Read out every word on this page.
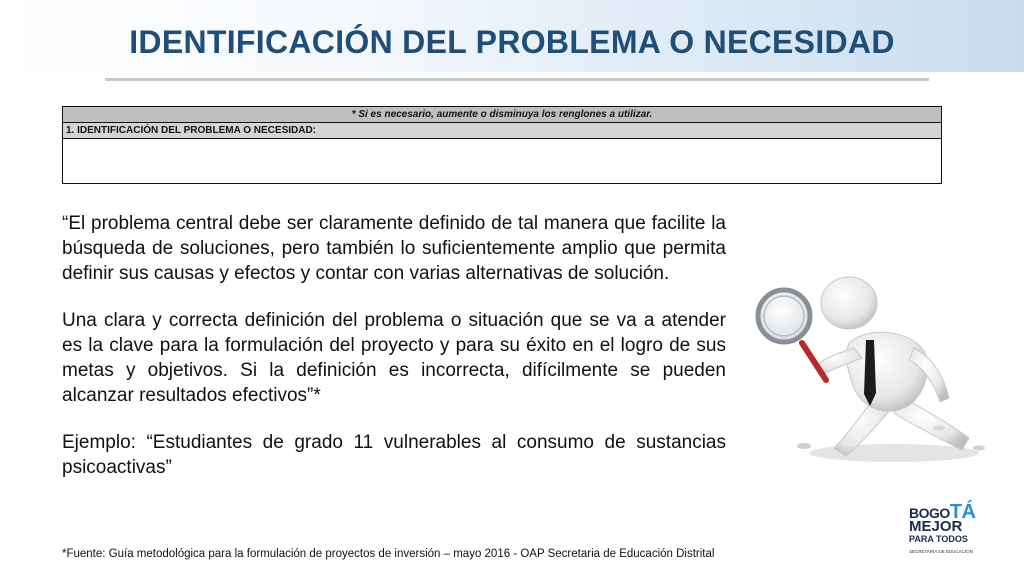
IDENTIFICACIÓN DEL PROBLEMA O NECESIDAD
* Si es necesario, aumente o disminuya los renglones a utilizar.
1. IDENTIFICACIÓN DEL PROBLEMA O NECESIDAD:

“El problema central debe ser claramente definido de tal manera que facilite la búsqueda de soluciones, pero también lo suficientemente amplio que permita definir sus causas y efectos y contar con varias alternativas de solución.

Una clara y correcta definición del problema o situación que se va a atender es la clave para la formulación del proyecto y para su éxito en el logro de sus metas y objetivos. Si la definición es incorrecta, difícilmente se pueden alcanzar resultados efectivos”*

Ejemplo: “Estudiantes de grado 11 vulnerables al consumo de sustancias psicoactivas”

*Fuente: Guía metodológica para la formulación de proyectos de inversión – mayo 2016 - OAP Secretaria de Educación Distrital
BOGOTÁ
MEJOR
PARA TODOS
SECRETARÍA DE EDUCACIÓN
